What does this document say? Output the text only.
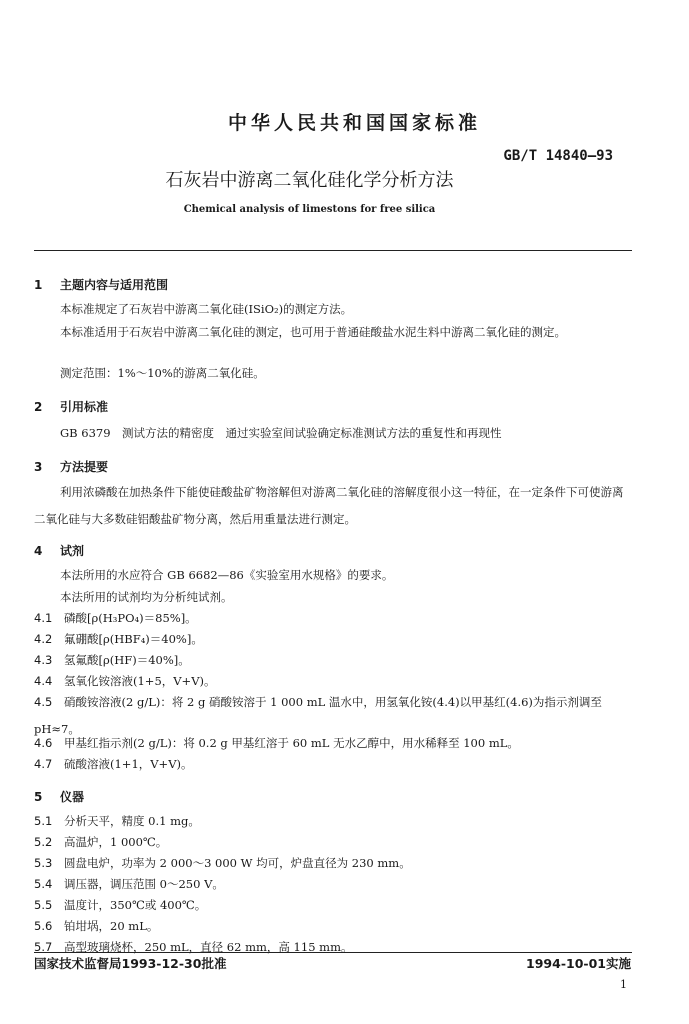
中华人民共和国国家标准
GB/T 14840—93
石灰岩中游离二氧化硅化学分析方法
Chemical analysis of limestons for free silica
1 主题内容与适用范围
本标准规定了石灰岩中游离二氧化硅(ISiO₂)的测定方法。
本标准适用于石灰岩中游离二氧化硅的测定，也可用于普通硅酸盐水泥生料中游离二氧化硅的测定。
测定范围：1%～10%的游离二氧化硅。
2 引用标准
GB 6379　测试方法的精密度　通过实验室间试验确定标准测试方法的重复性和再现性
3 方法提要
利用浓磷酸在加热条件下能使硅酸盐矿物溶解但对游离二氧化硅的溶解度很小这一特征，在一定条件下可使游离二氧化硅与大多数硅铝酸盐矿物分离，然后用重量法进行测定。
4 试剂
本法所用的水应符合 GB 6682—86《实验室用水规格》的要求。
本法所用的试剂均为分析纯试剂。
4.1 磷酸[ρ(H₃PO₄)＝85%]。
4.2 氟硼酸[ρ(HBF₄)＝40%]。
4.3 氢氟酸[ρ(HF)＝40%]。
4.4 氢氧化铵溶液(1+5，V+V)。
4.5 硝酸铵溶液(2 g/L)：将 2 g 硝酸铵溶于 1 000 mL 温水中，用氢氧化铵(4.4)以甲基红(4.6)为指示剂调至 pH≈7。
4.6 甲基红指示剂(2 g/L)：将 0.2 g 甲基红溶于 60 mL 无水乙醇中，用水稀释至 100 mL。
4.7 硫酸溶液(1+1，V+V)。
5 仪器
5.1 分析天平，精度 0.1 mg。
5.2 高温炉，1 000℃。
5.3 圆盘电炉，功率为 2 000～3 000 W 均可，炉盘直径为 230 mm。
5.4 调压器，调压范围 0～250 V。
5.5 温度计，350℃或 400℃。
5.6 铂坩埚，20 mL。
5.7 高型玻璃烧杯，250 mL，直径 62 mm，高 115 mm。
国家技术监督局1993-12-30批准	1994-10-01实施
1
